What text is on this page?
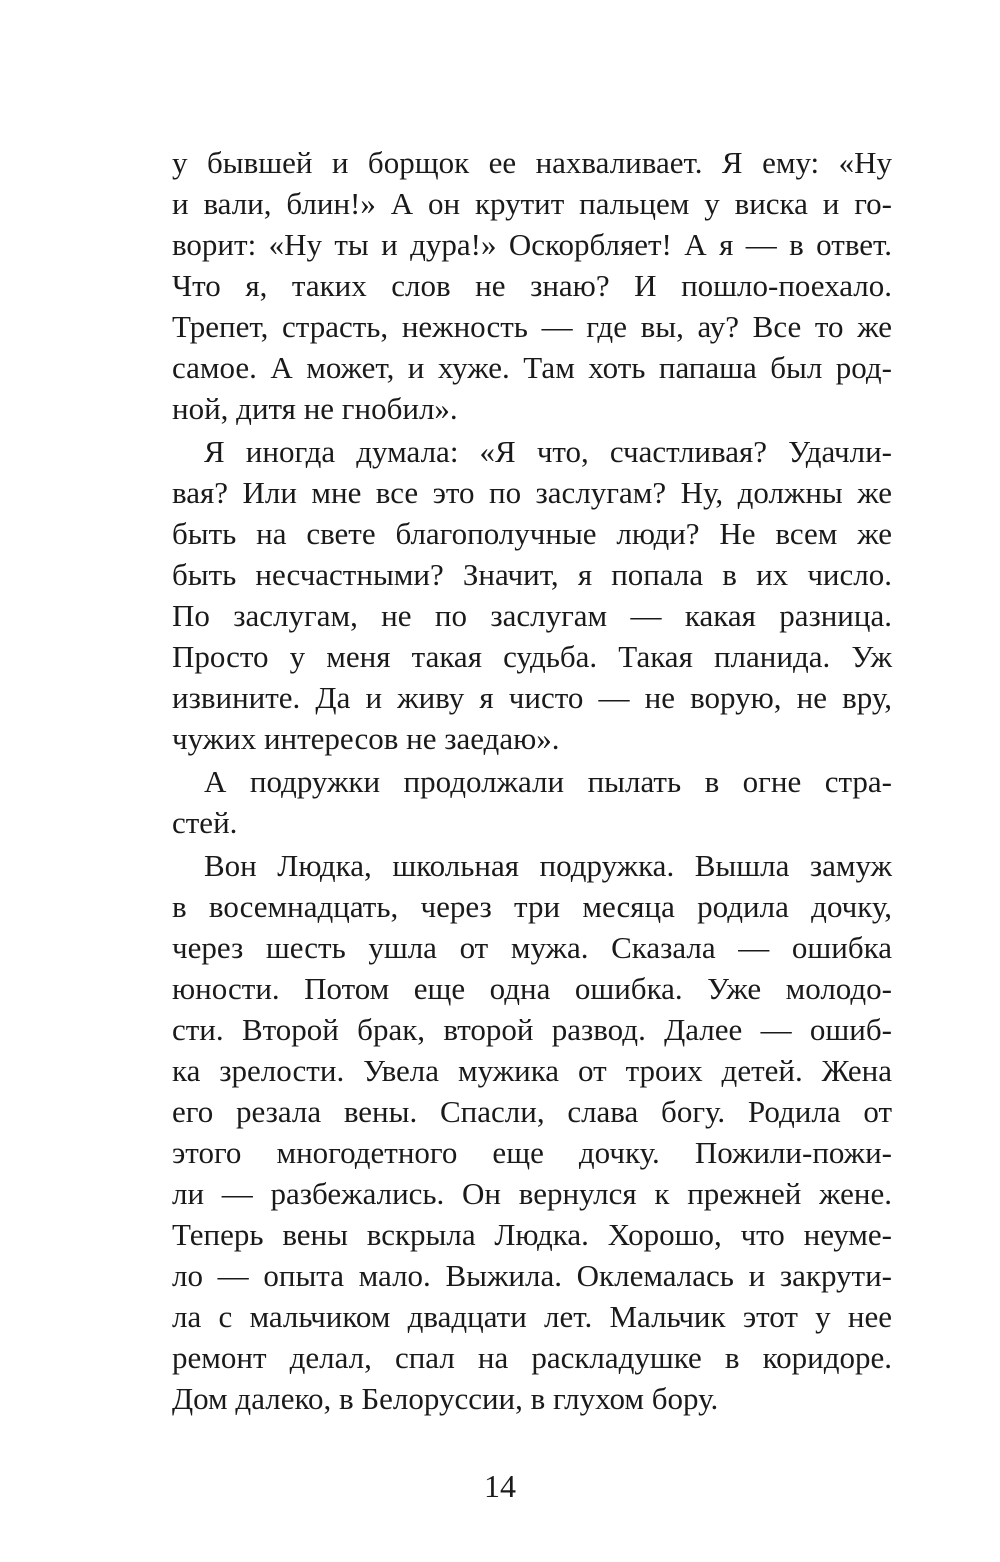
у бывшей и борщок ее нахваливает. Я ему: «Ну
и вали, блин!» А он крутит пальцем у виска и го-
ворит: «Ну ты и дура!» Оскорбляет! А я — в ответ.
Что я, таких слов не знаю? И пошло-поехало.
Трепет, страсть, нежность — где вы, ау? Все то же
самое. А может, и хуже. Там хоть папаша был род-
ной, дитя не гнобил».
Я иногда думала: «Я что, счастливая? Удачли-
вая? Или мне все это по заслугам? Ну, должны же
быть на свете благополучные люди? Не всем же
быть несчастными? Значит, я попала в их число.
По заслугам, не по заслугам — какая разница.
Просто у меня такая судьба. Такая планида. Уж
извините. Да и живу я чисто — не ворую, не вру,
чужих интересов не заедаю».
А подружки продолжали пылать в огне стра-
стей.
Вон Людка, школьная подружка. Вышла замуж
в восемнадцать, через три месяца родила дочку,
через шесть ушла от мужа. Сказала — ошибка
юности. Потом еще одна ошибка. Уже молодо-
сти. Второй брак, второй развод. Далее — ошиб-
ка зрелости. Увела мужика от троих детей. Жена
его резала вены. Спасли, слава богу. Родила от
этого многодетного еще дочку. Пожили-пожи-
ли — разбежались. Он вернулся к прежней жене.
Теперь вены вскрыла Людка. Хорошо, что неуме-
ло — опыта мало. Выжила. Оклемалась и закрути-
ла с мальчиком двадцати лет. Мальчик этот у нее
ремонт делал, спал на раскладушке в коридоре.
Дом далеко, в Белоруссии, в глухом бору.
14
